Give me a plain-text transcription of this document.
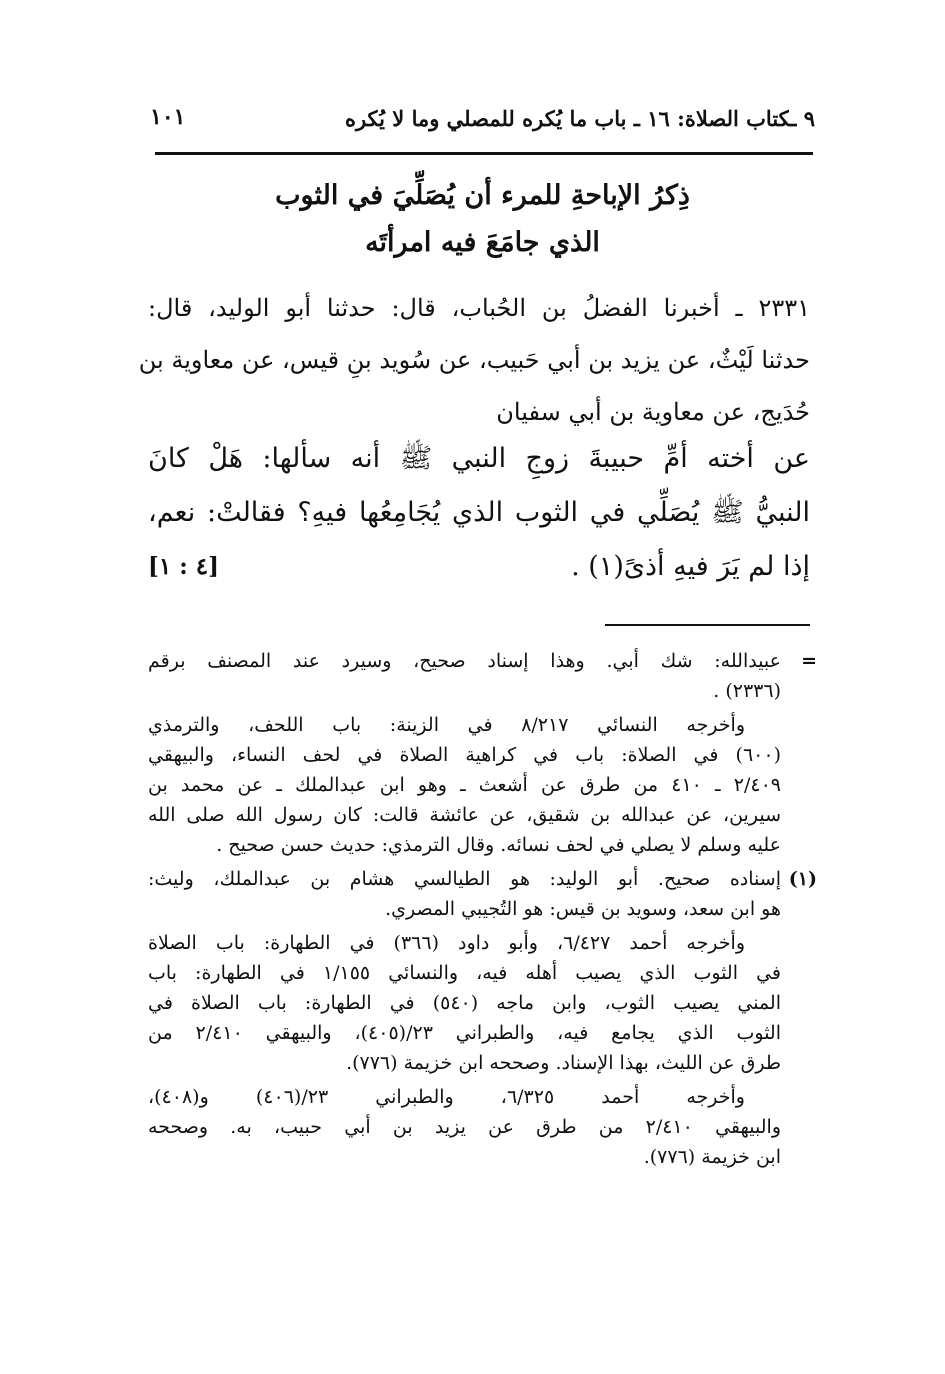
٩ ـكتاب الصلاة: ١٦ ـ باب ما يُكره للمصلي وما لا يُكره
١٠١
ذِكرُ الإباحةِ للمرء أن يُصَلِّيَ في الثوب
الذي جامَعَ فيه امرأتَه
٢٣٣١ ـ أخبرنا الفضلُ بن الحُباب، قال: حدثنا أبو الوليد، قال:
حدثنا لَيْثٌ، عن يزيد بن أبي حَبيب، عن سُويد بنِ قيس، عن معاوية بن
حُدَيج، عن معاوية بن أبي سفيان
عن أخته أمِّ حبيبةَ زوجِ النبي ﷺ أنه سألها: هَلْ كانَ
النبيُّ ﷺ يُصَلِّي في الثوب الذي يُجَامِعُها فيهِ؟ فقالتْ: نعم،
إذا لم يَرَ فيهِ أذىً(١) .
[٤ : ١]
=
عبيدالله: شك أبي. وهذا إسناد صحيح، وسيرد عند المصنف برقم
(٢٣٣٦) .
وأخرجه النسائي ٨/٢١٧ في الزينة: باب اللحف، والترمذي
(٦٠٠) في الصلاة: باب في كراهية الصلاة في لحف النساء، والبيهقي
٢/٤٠٩ ـ ٤١٠ من طرق عن أشعث ـ وهو ابن عبدالملك ـ عن محمد بن
سيرين، عن عبدالله بن شقيق، عن عائشة قالت: كان رسول الله صلى الله
عليه وسلم لا يصلي في لحف نسائه. وقال الترمذي: حديث حسن صحيح .
(١)
إسناده صحيح. أبو الوليد: هو الطيالسي هشام بن عبدالملك، وليث:
هو ابن سعد، وسويد بن قيس: هو التُجيبي المصري.
وأخرجه أحمد ٦/٤٢٧، وأبو داود (٣٦٦) في الطهارة: باب الصلاة
في الثوب الذي يصيب أهله فيه، والنسائي ١/١٥٥ في الطهارة: باب
المني يصيب الثوب، وابن ماجه (٥٤٠) في الطهارة: باب الصلاة في
الثوب الذي يجامع فيه، والطبراني ٢٣/(٤٠٥)، والبيهقي ٢/٤١٠ من
طرق عن الليث، بهذا الإسناد. وصححه ابن خزيمة (٧٧٦).
وأخرجه أحمد ٦/٣٢٥، والطبراني ٢٣/(٤٠٦) و(٤٠٨)،
والبيهقي ٢/٤١٠ من طرق عن يزيد بن أبي حبيب، به. وصححه
ابن خزيمة (٧٧٦).
